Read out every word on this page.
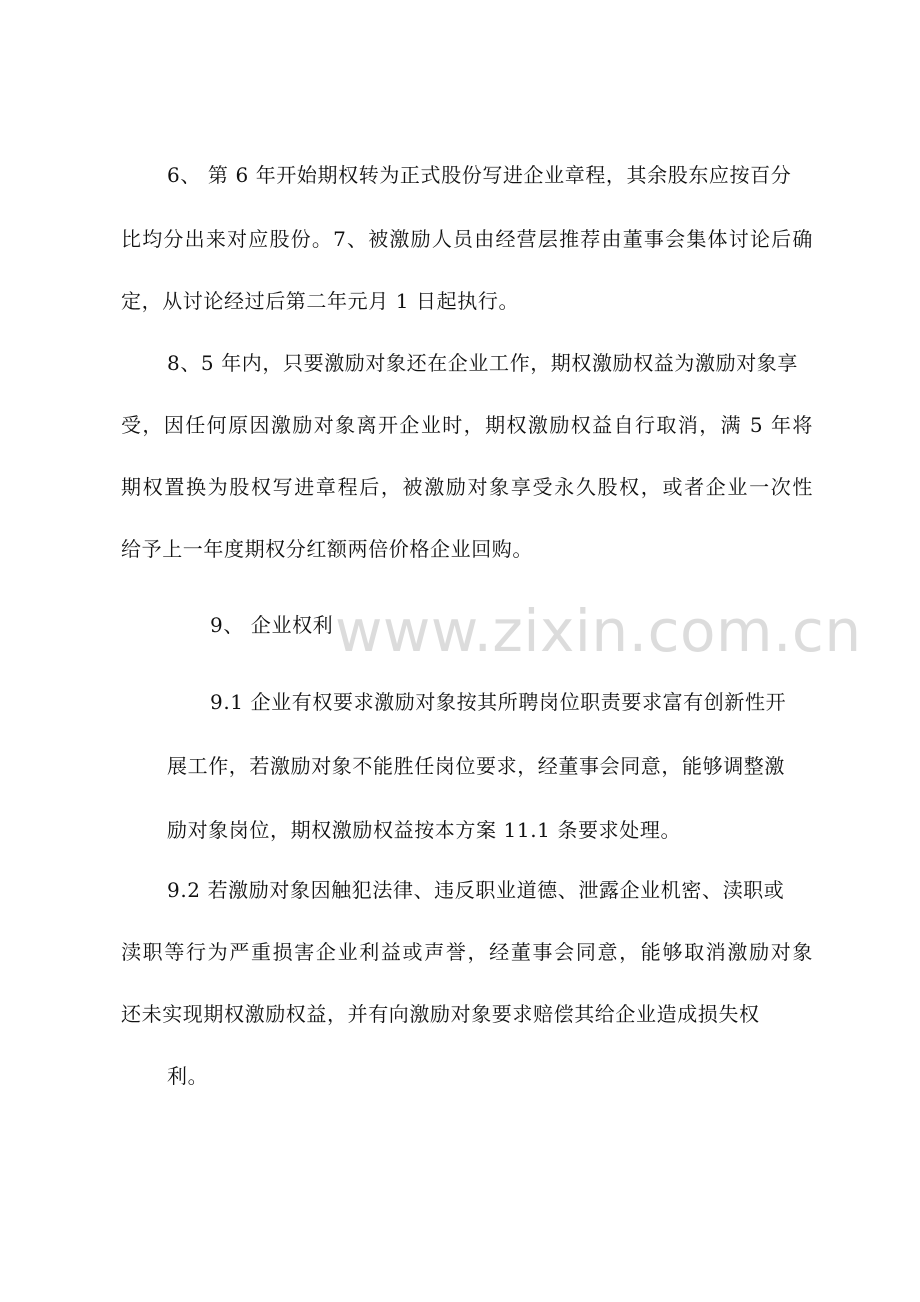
www.zixin.com.cn
6、 第 6 年开始期权转为正式股份写进企业章程，其余股东应按百分
比均分出来对应股份。7、被激励人员由经营层推荐由董事会集体讨论后确
定，从讨论经过后第二年元月 1 日起执行。
8、5 年内，只要激励对象还在企业工作，期权激励权益为激励对象享
受，因任何原因激励对象离开企业时，期权激励权益自行取消，满 5 年将
期权置换为股权写进章程后，被激励对象享受永久股权，或者企业一次性
给予上一年度期权分红额两倍价格企业回购。
9、 企业权利
9.1 企业有权要求激励对象按其所聘岗位职责要求富有创新性开
展工作，若激励对象不能胜任岗位要求，经董事会同意，能够调整激
励对象岗位，期权激励权益按本方案 11.1 条要求处理。
9.2 若激励对象因触犯法律、违反职业道德、泄露企业机密、渎职或
渎职等行为严重损害企业利益或声誉，经董事会同意，能够取消激励对象
还未实现期权激励权益，并有向激励对象要求赔偿其给企业造成损失权
利。
